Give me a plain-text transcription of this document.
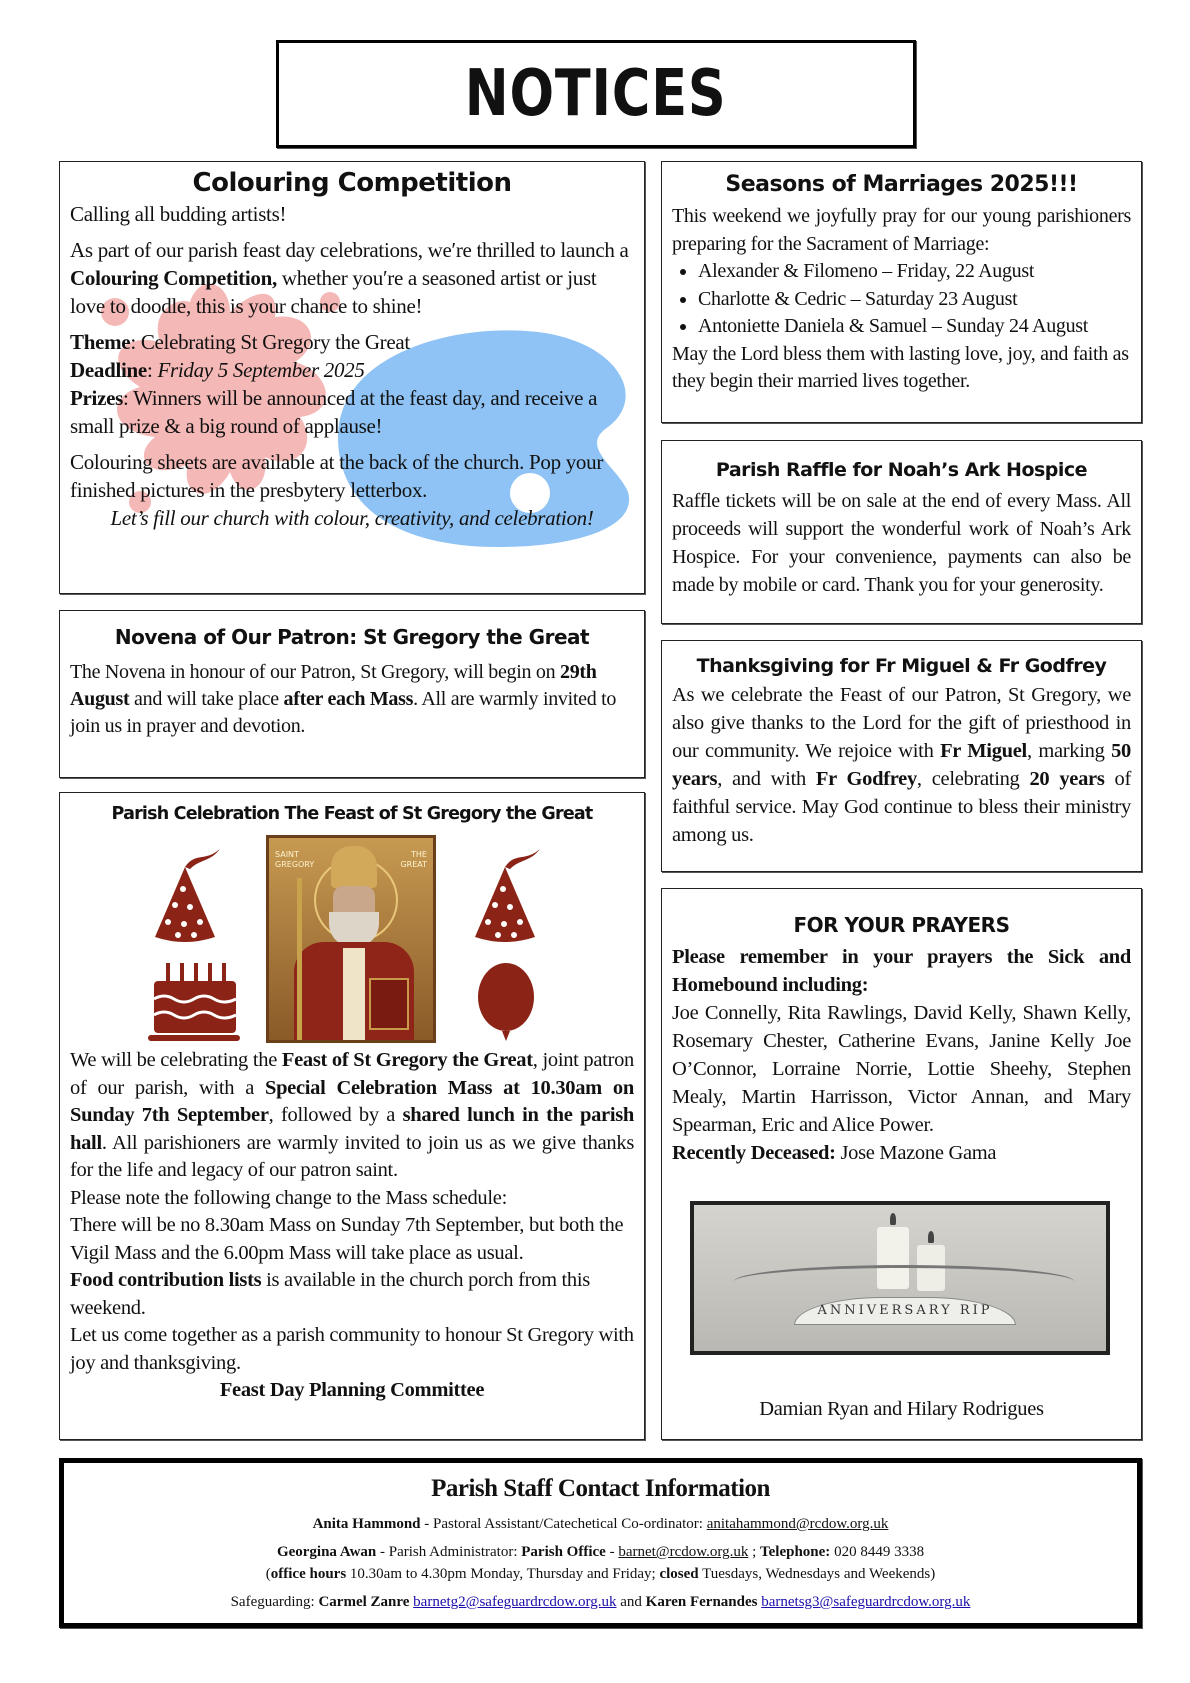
NOTICES
Colouring Competition

Calling all budding artists!

As part of our parish feast day celebrations, we′re thrilled to launch a Colouring Competition, whether you′re a seasoned artist or just love to doodle, this is your chance to shine!

Theme: Celebrating St Gregory the Great

Deadline: Friday 5 September 2025

Prizes: Winners will be announced at the feast day, and receive a small prize & a big round of applause!

Colouring sheets are available at the back of the church. Pop your finished pictures in the presbytery letterbox.

Let’s fill our church with colour, creativity, and celebration!

Novena of Our Patron: St Gregory the Great

The Novena in honour of our Patron, St Gregory, will begin on 29th August and will take place after each Mass. All are warmly invited to join us in prayer and devotion.

Parish Celebration The Feast of St Gregory the Great
SAINT GREGORY
THE GREAT

We will be celebrating the Feast of St Gregory the Great, joint patron of our parish, with a Special Celebration Mass at 10.30am on Sunday 7th September, followed by a shared lunch in the parish hall. All parishioners are warmly invited to join us as we give thanks for the life and legacy of our patron saint.

Please note the following change to the Mass schedule:

There will be no 8.30am Mass on Sunday 7th September, but both the Vigil Mass and the 6.00pm Mass will take place as usual.

Food contribution lists is available in the church porch from this weekend.

Let us come together as a parish community to honour St Gregory with joy and thanksgiving.

Feast Day Planning Committee

Seasons of Marriages 2025!!!

This weekend we joyfully pray for our young parishioners preparing for the Sacrament of Marriage:

• Alexander & Filomeno – Friday, 22 August
• Charlotte & Cedric – Saturday 23 August
• Antoniette Daniela & Samuel – Sunday 24 August

May the Lord bless them with lasting love, joy, and faith as they begin their married lives together.

Parish Raffle for Noah’s Ark Hospice

Raffle tickets will be on sale at the end of every Mass. All proceeds will support the wonderful work of Noah’s Ark Hospice. For your convenience, payments can also be made by mobile or card. Thank you for your generosity.

Thanksgiving for Fr Miguel & Fr Godfrey

As we celebrate the Feast of our Patron, St Gregory, we also give thanks to the Lord for the gift of priesthood in our community. We rejoice with Fr Miguel, marking 50 years, and with Fr Godfrey, celebrating 20 years of faithful service. May God continue to bless their ministry among us.

FOR YOUR PRAYERS

Please remember in your prayers the Sick and Homebound including:

Joe Connelly, Rita Rawlings, David Kelly, Shawn Kelly, Rosemary Chester, Catherine Evans, Janine Kelly Joe O’Connor, Lorraine Norrie, Lottie Sheehy, Stephen Mealy, Martin Harrisson, Victor Annan, and Mary Spearman, Eric and Alice Power.

Recently Deceased: Jose Mazone Gama

ANNIVERSARY RIP

Damian Ryan and Hilary Rodrigues

Parish Staff Contact Information

Anita Hammond - Pastoral Assistant/Catechetical Co-ordinator: anitahammond@rcdow.org.uk

Georgina Awan - Parish Administrator: Parish Office - barnet@rcdow.org.uk ; Telephone: 020 8449 3338

(office hours 10.30am to 4.30pm Monday, Thursday and Friday; closed Tuesdays, Wednesdays and Weekends)

Safeguarding: Carmel Zanre barnetg2@safeguardrcdow.org.uk and Karen Fernandes barnetsg3@safeguardrcdow.org.uk
